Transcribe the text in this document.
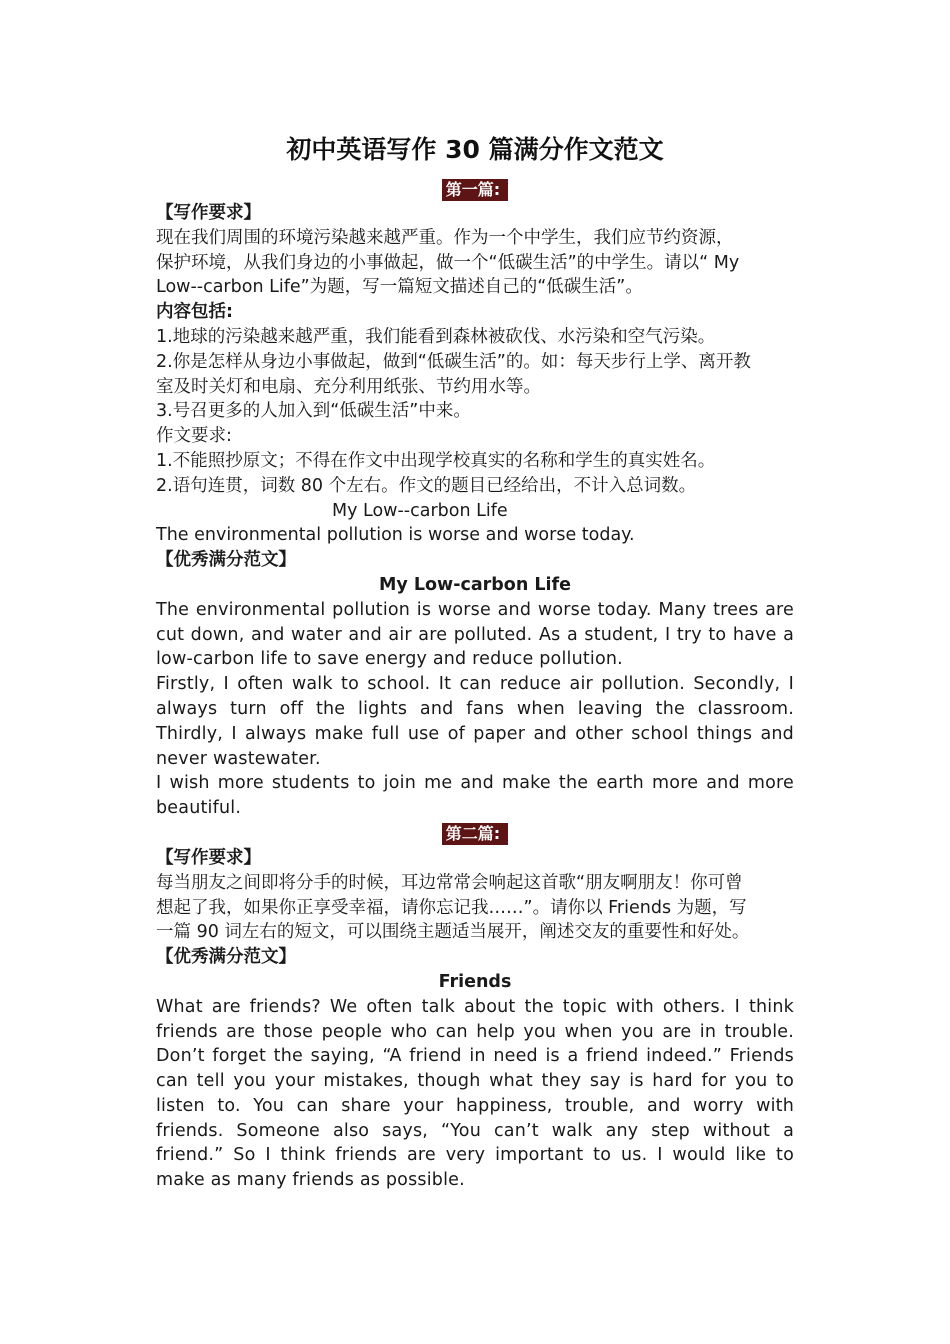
初中英语写作 30 篇满分作文范文
第一篇:
【写作要求】
现在我们周围的环境污染越来越严重。作为一个中学生，我们应节约资源，
保护环境，从我们身边的小事做起，做一个“低碳生活”的中学生。请以“ My
Low--carbon Life”为题，写一篇短文描述自己的“低碳生活”。
内容包括:
1.地球的污染越来越严重，我们能看到森林被砍伐、水污染和空气污染。
2.你是怎样从身边小事做起，做到“低碳生活”的。如：每天步行上学、离开教
室及时关灯和电扇、充分利用纸张、节约用水等。
3.号召更多的人加入到“低碳生活”中来。
作文要求:
1.不能照抄原文；不得在作文中出现学校真实的名称和学生的真实姓名。
2.语句连贯，词数 80 个左右。作文的题目已经给出，不计入总词数。
My Low--carbon Life
The environmental pollution is worse and worse today.
【优秀满分范文】
My Low-carbon Life
The environmental pollution is worse and worse today. Many trees are cut down, and water and air are polluted. As a student, I try to have a low-carbon life to save energy and reduce pollution.
Firstly, I often walk to school. It can reduce air pollution. Secondly, I always turn off the lights and fans when leaving the classroom. Thirdly, I always make full use of paper and other school things and never wastewater.
I wish more students to join me and make the earth more and more beautiful.
第二篇:
【写作要求】
每当朋友之间即将分手的时候，耳边常常会响起这首歌“朋友啊朋友！你可曾
想起了我，如果你正享受幸福，请你忘记我……”。请你以 Friends 为题，写
一篇 90 词左右的短文，可以围绕主题适当展开，阐述交友的重要性和好处。
【优秀满分范文】
Friends
What are friends? We often talk about the topic with others. I think friends are those people who can help you when you are in trouble. Don’t forget the saying, “A friend in need is a friend indeed.” Friends can tell you your mistakes, though what they say is hard for you to listen to. You can share your happiness, trouble, and worry with friends. Someone also says, “You can’t walk any step without a friend.” So I think friends are very important to us. I would like to make as many friends as possible.
